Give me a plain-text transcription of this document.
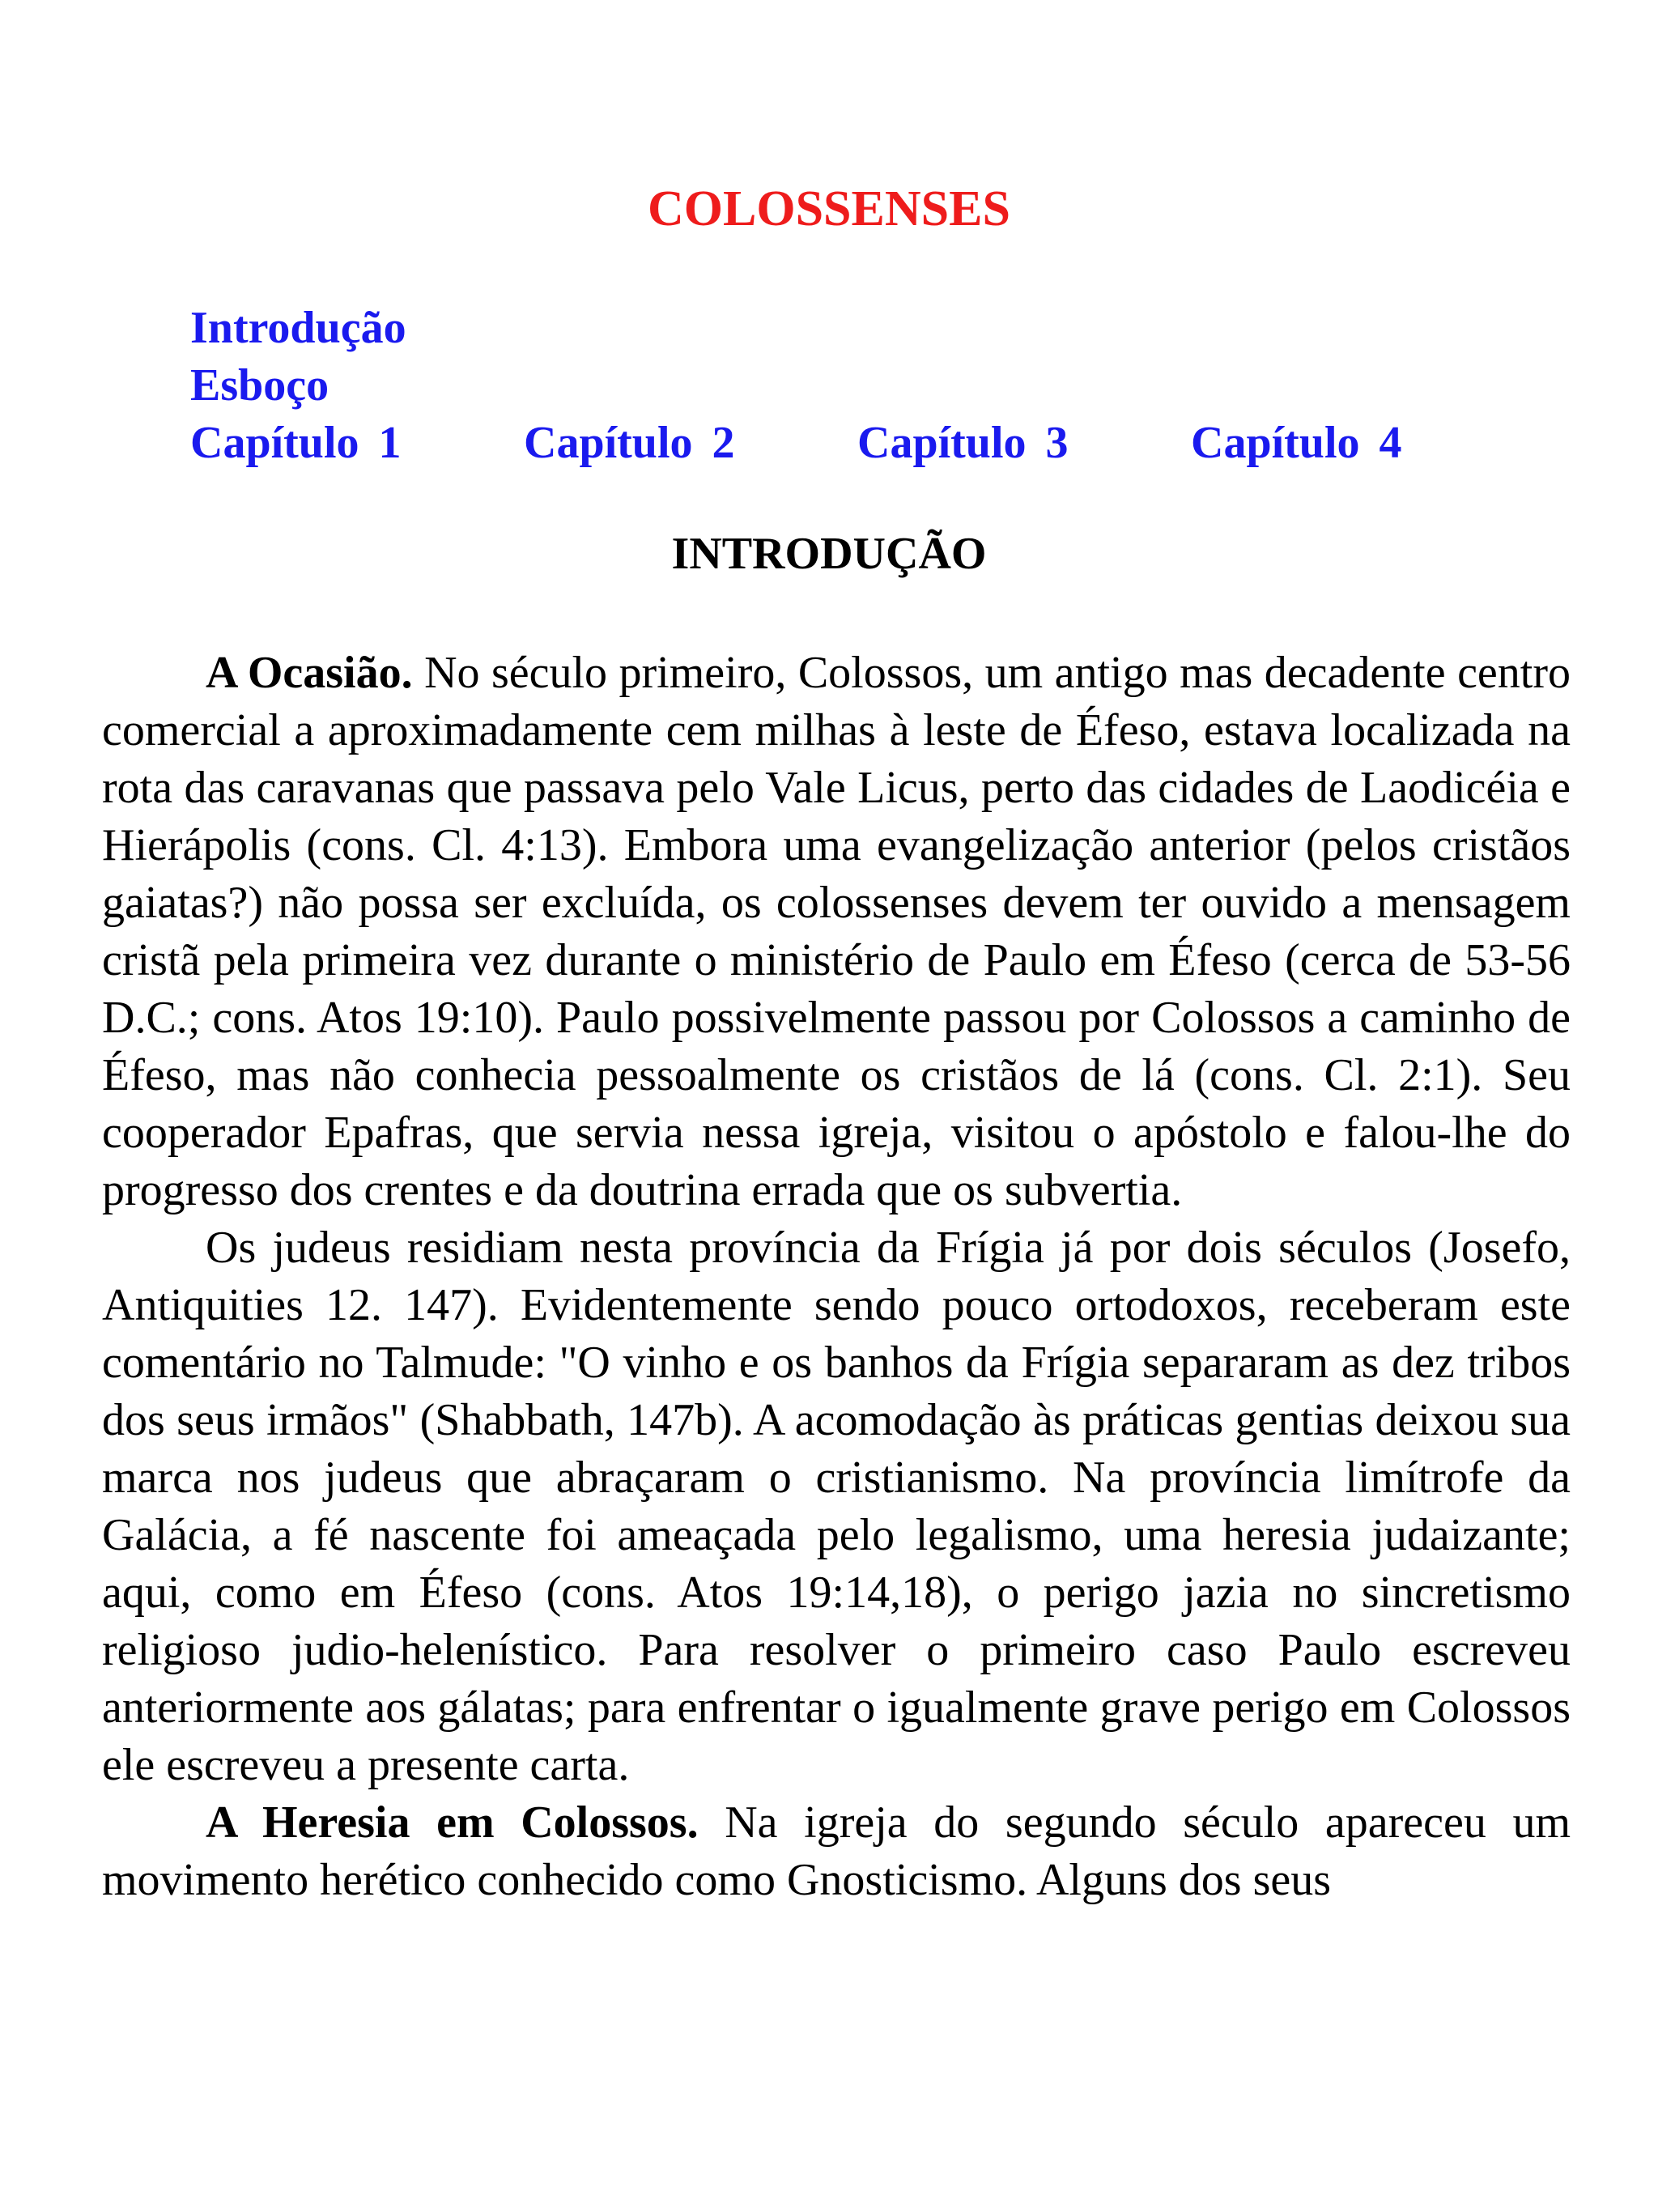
COLOSSENSES
Introdução
Esboço
Capítulo 1	Capítulo 2	Capítulo 3	Capítulo 4
INTRODUÇÃO

A Ocasião. No século primeiro, Colossos, um antigo mas decadente centro comercial a aproximadamente cem milhas à leste de Éfeso, estava localizada na rota das caravanas que passava pelo Vale Licus, perto das cidades de Laodicéia e Hierápolis (cons. Cl. 4:13). Embora uma evangelização anterior (pelos cristãos gaiatas?) não possa ser excluída, os colossenses devem ter ouvido a mensagem cristã pela primeira vez durante o ministério de Paulo em Éfeso (cerca de 53-56 D.C.; cons. Atos 19:10). Paulo possivelmente passou por Colossos a caminho de Éfeso, mas não conhecia pessoalmente os cristãos de lá (cons. Cl. 2:1). Seu cooperador Epafras, que servia nessa igreja, visitou o apóstolo e falou-lhe do progresso dos crentes e da doutrina errada que os subvertia.

Os judeus residiam nesta província da Frígia já por dois séculos (Josefo, Antiquities 12. 147). Evidentemente sendo pouco ortodoxos, receberam este comentário no Talmude: "O vinho e os banhos da Frígia separaram as dez tribos dos seus irmãos" (Shabbath, 147b). A acomodação às práticas gentias deixou sua marca nos judeus que abraçaram o cristianismo. Na província limítrofe da Galácia, a fé nascente foi ameaçada pelo legalismo, uma heresia judaizante; aqui, como em Éfeso (cons. Atos 19:14,18), o perigo jazia no sincretismo religioso judio-helenístico. Para resolver o primeiro caso Paulo escreveu anteriormente aos gálatas; para enfrentar o igualmente grave perigo em Colossos ele escreveu a presente carta.

A Heresia em Colossos. Na igreja do segundo século apareceu um movimento herético conhecido como Gnosticismo. Alguns dos seus
